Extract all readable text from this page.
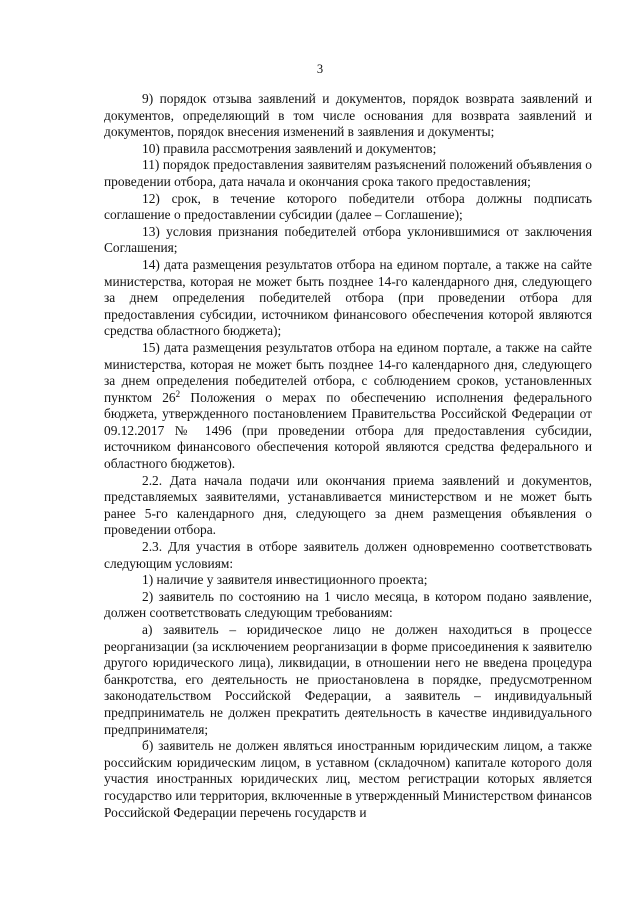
3

9) порядок отзыва заявлений и документов, порядок возврата заявлений и документов, определяющий в том числе основания для возврата заявлений и документов, порядок внесения изменений в заявления и документы;

10) правила рассмотрения заявлений и документов;

11) порядок предоставления заявителям разъяснений положений объявления о проведении отбора, дата начала и окончания срока такого предоставления;

12) срок, в течение которого победители отбора должны подписать соглашение о предоставлении субсидии (далее – Соглашение);

13) условия признания победителей отбора уклонившимися от заключения Соглашения;

14) дата размещения результатов отбора на едином портале, а также на сайте министерства, которая не может быть позднее 14-го календарного дня, следующего за днем определения победителей отбора (при проведении отбора для предоставления субсидии, источником финансового обеспечения которой являются средства областного бюджета);

15) дата размещения результатов отбора на едином портале, а также на сайте министерства, которая не может быть позднее 14-го календарного дня, следующего за днем определения победителей отбора, с соблюдением сроков, установленных пунктом $26^2$ Положения о мерах по обеспечению исполнения федерального бюджета, утвержденного постановлением Правительства Российской Федерации от 09.12.2017 № 1496 (при проведении отбора для предоставления субсидии, источником финансового обеспечения которой являются средства федерального и областного бюджетов).

2.2. Дата начала подачи или окончания приема заявлений и документов, представляемых заявителями, устанавливается министерством и не может быть ранее 5-го календарного дня, следующего за днем размещения объявления о проведении отбора.

2.3. Для участия в отборе заявитель должен одновременно соответствовать следующим условиям:

1) наличие у заявителя инвестиционного проекта;

2) заявитель по состоянию на 1 число месяца, в котором подано заявление, должен соответствовать следующим требованиям:

а) заявитель – юридическое лицо не должен находиться в процессе реорганизации (за исключением реорганизации в форме присоединения к заявителю другого юридического лица), ликвидации, в отношении него не введена процедура банкротства, его деятельность не приостановлена в порядке, предусмотренном законодательством Российской Федерации, а заявитель – индивидуальный предприниматель не должен прекратить деятельность в качестве индивидуального предпринимателя;

б) заявитель не должен являться иностранным юридическим лицом, а также российским юридическим лицом, в уставном (складочном) капитале которого доля участия иностранных юридических лиц, местом регистрации которых является государство или территория, включенные в утвержденный Министерством финансов Российской Федерации перечень государств и
